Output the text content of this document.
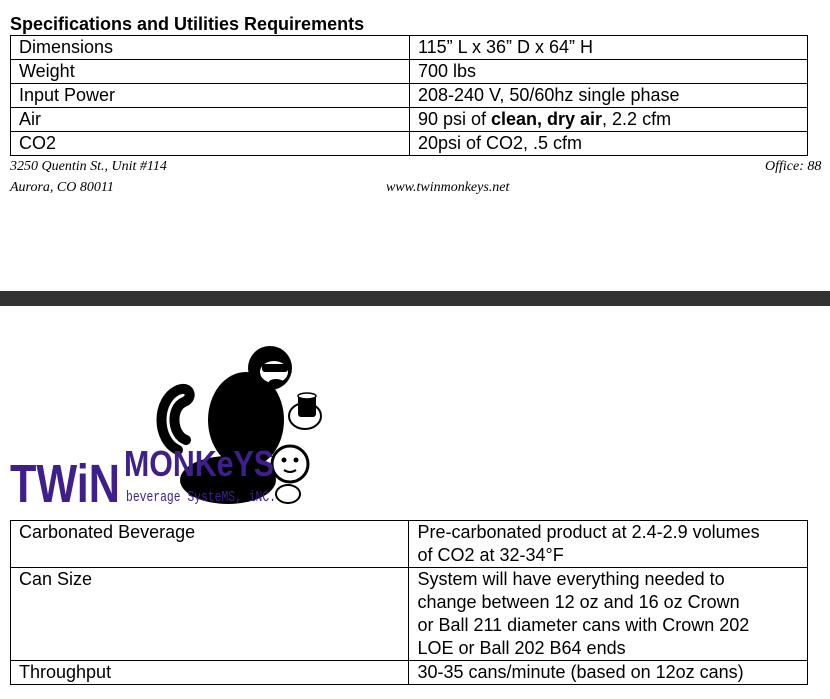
Specifications and Utilities Requirements
Dimensions	115” L x 36” D x 64” H
Weight	700 lbs
Input Power	208-240 V, 50/60hz single phase
Air	90 psi of clean, dry air, 2.2 cfm
CO2	20psi of CO2, .5 cfm
3250 Quentin St., Unit #114
Aurora, CO 80011	www.twinmonkeys.net
Office: 88
TWiN MONKeYS
beverage SysteMS, iNC.
Carbonated Beverage	Pre-carbonated product at 2.4-2.9 volumes
of CO2 at 32-34°F

Can Size	System will have everything needed to
change between 12 oz and 16 oz Crown
or Ball 211 diameter cans with Crown 202
LOE or Ball 202 B64 ends

Throughput	30-35 cans/minute (based on 12oz cans)
